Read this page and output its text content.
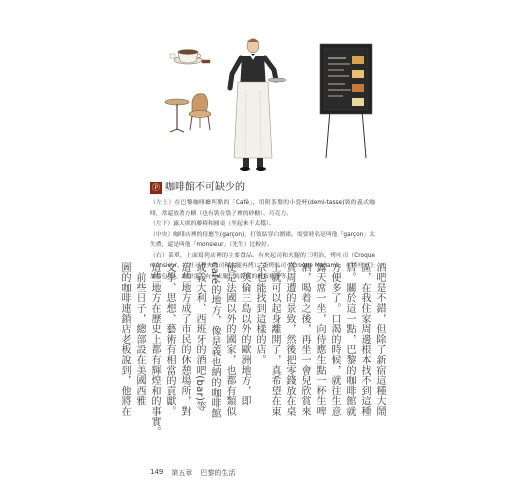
Ⓟ 咖啡館不可缺少的

（左上）在巴黎咖啡廳所點的「Café」，用附茶盤的小瓷杯(demi-tasse)裝的義式咖啡，常還放著方糖（也有裝在袋子裡的砂糖）、巧克力。

（左下）露天席的藤椅和圓桌（坐起來不太穩）。

（中央）咖啡店裡的侍應生(garçon)，打領結穿白圍裙。需要時名是叫他「garçon」太失禮，還是叫他「monsieur」（先生）比較好。

（右）菜單，上面寫列店裡的主要食品。有夾起司和火腿的三明治、烤吐司（Croque monsieur，在吐司裡夾起司和火腿再烤）、蛋烤吐司（Croque Madame，在烤吐司上加荷包蛋）、布里蛋、有夾火腿、馬鈴薯的煎蛋捲等等。	酒吧是不錯，但除了新宿這種大鬧

區，在我住家周邊根本找不到這種

店。關於這一點，巴黎的咖啡館就

方便多了。口渴的時候，就往生意

露天席一坐，向侍應生點一杯生啤

酒，喝着之後，再坐一會兒欣賞來

賞周遭的景致，然後把零錢放在桌

上就可以起身離開了，真希望在東

京也能找到這樣的店。

　英倫三島以外的歐洲地方，即

使是法國以外的國家，也都有類似

café的地方，像是義也納的咖啡館

或義大利、西班牙的酒吧(bar)等

這些地方成了市民的休憩場所，對

文學、思想、藝術有相當的貢獻。

這些地方在歷史上都有輝煌和的事實。

　前些日子，總部設在美國西雅

圖的咖啡連鎖店老板說到，他將在

149 第五章 巴黎的生活
